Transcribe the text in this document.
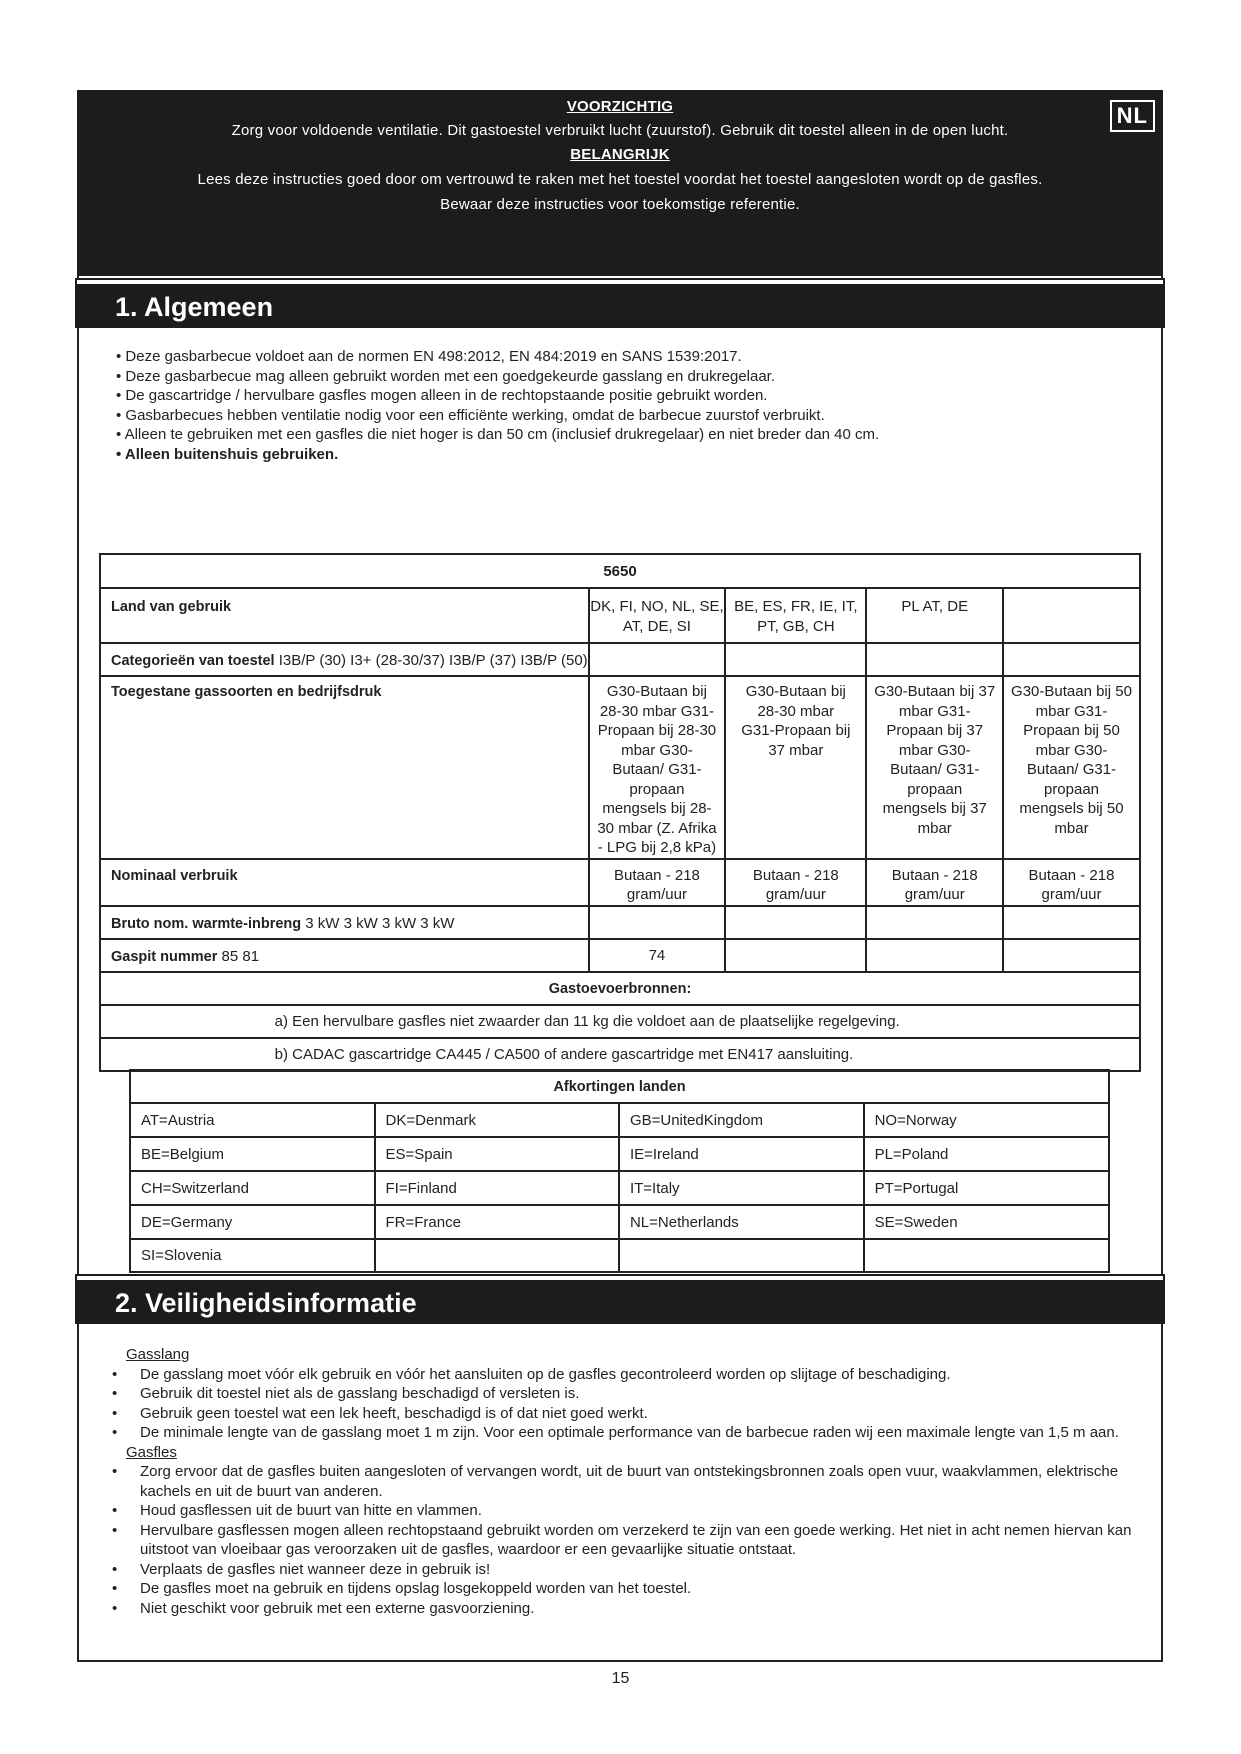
VOORZICHTIG
Zorg voor voldoende ventilatie. Dit gastoestel verbruikt lucht (zuurstof). Gebruik dit toestel alleen in de open lucht.
BELANGRIJK
Lees deze instructies goed door om vertrouwd te raken met het toestel voordat het toestel aangesloten wordt op de gasfles.
Bewaar deze instructies voor toekomstige referentie.
NL
1. Algemeen
• Deze gasbarbecue voldoet aan de normen EN 498:2012, EN 484:2019 en SANS 1539:2017.
• Deze gasbarbecue mag alleen gebruikt worden met een goedgekeurde gasslang en drukregelaar.
• De gascartridge / hervulbare gasfles mogen alleen in de rechtopstaande positie gebruikt worden.
• Gasbarbecues hebben ventilatie nodig voor een efficiënte werking, omdat de barbecue zuurstof verbruikt.
• Alleen te gebruiken met een gasfles die niet hoger is dan 50 cm (inclusief drukregelaar) en niet breder dan 40 cm.
• Alleen buitenshuis gebruiken.
5650				
Land van gebruik	DK, FI, NO, NL, SE, AT, DE, SI	BE, ES, FR, IE, IT, PT, GB, CH	PL AT, DE	
Categorieën van toestel I3B/P (30) I3+ (28-30/37) I3B/P (37) I3B/P (50)				
Toegestane gassoorten en bedrijfsdruk	G30-Butaan bij 28-30 mbar G31-Propaan bij 28-30 mbar G30-Butaan/ G31-propaan mengsels bij 28-30 mbar (Z. Afrika - LPG bij 2,8 kPa)	G30-Butaan bij 28-30 mbar G31-Propaan bij 37 mbar	G30-Butaan bij 37 mbar G31-Propaan bij 37 mbar G30-Butaan/ G31-propaan mengsels bij 37 mbar	G30-Butaan bij 50 mbar G31-Propaan bij 50 mbar G30-Butaan/ G31-propaan mengsels bij 50 mbar
Nominaal verbruik	Butaan - 218 gram/uur	Butaan - 218 gram/uur	Butaan - 218 gram/uur	Butaan - 218 gram/uur
Bruto nom. warmte-inbreng 3 kW 3 kW 3 kW 3 kW				
Gaspit nummer 85 81	74			
Gastoevoerbronnen:				
a) Een hervulbare gasfles niet zwaarder dan 11 kg die voldoet aan de plaatselijke regelgeving.				
b) CADAC gascartridge CA445 / CA500 of andere gascartridge met EN417 aansluiting.				
Afkortingen landen			
AT=Austria	DK=Denmark	GB=UnitedKingdom	NO=Norway
BE=Belgium	ES=Spain	IE=Ireland	PL=Poland
CH=Switzerland	FI=Finland	IT=Italy	PT=Portugal
DE=Germany	FR=France	NL=Netherlands	SE=Sweden
SI=Slovenia			
2. Veiligheidsinformatie
Gasslang
•	De gasslang moet vóór elk gebruik en vóór het aansluiten op de gasfles gecontroleerd worden op slijtage of beschadiging.
•	Gebruik dit toestel niet als de gasslang beschadigd of versleten is.
•	Gebruik geen toestel wat een lek heeft, beschadigd is of dat niet goed werkt.
•	De minimale lengte van de gasslang moet 1 m zijn. Voor een optimale performance van de barbecue raden wij een maximale lengte van 1,5 m aan.
Gasfles
•	Zorg ervoor dat de gasfles buiten aangesloten of vervangen wordt, uit de buurt van ontstekingsbronnen zoals open vuur, waakvlammen, elektrische kachels en uit de buurt van anderen.
•	Houd gasflessen uit de buurt van hitte en vlammen.
•	Hervulbare gasflessen mogen alleen rechtopstaand gebruikt worden om verzekerd te zijn van een goede werking. Het niet in acht nemen hiervan kan uitstoot van vloeibaar gas veroorzaken uit de gasfles, waardoor er een gevaarlijke situatie ontstaat.
•	Verplaats de gasfles niet wanneer deze in gebruik is!
•	De gasfles moet na gebruik en tijdens opslag losgekoppeld worden van het toestel.
•	Niet geschikt voor gebruik met een externe gasvoorziening.
15
